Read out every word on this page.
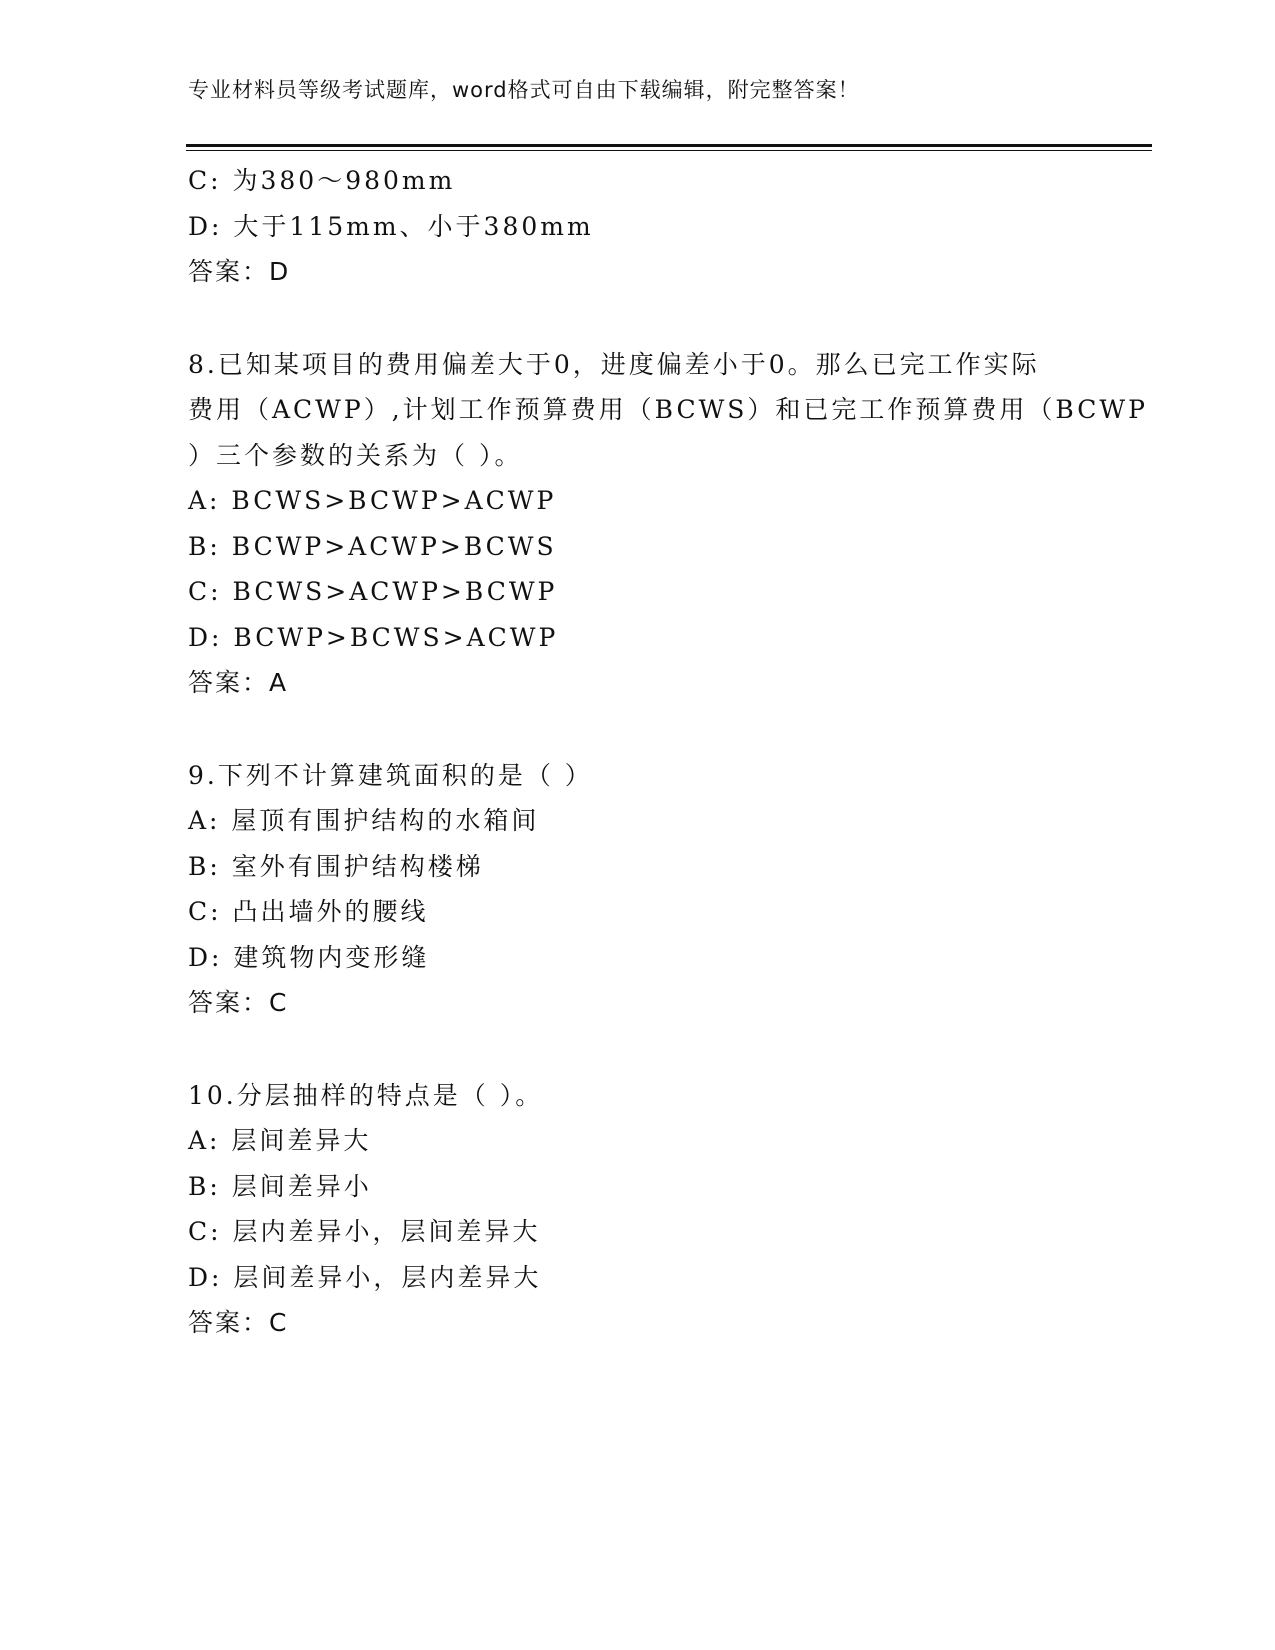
专业材料员等级考试题库，word格式可自由下载编辑，附完整答案！
C: 为380～980mm
D: 大于115mm、小于380mm
答案：D
8.已知某项目的费用偏差大于0，进度偏差小于0。那么已完工作实际
费用（ACWP）,计划工作预算费用（BCWS）和已完工作预算费用（BCWP
）三个参数的关系为（ ）。
A: BCWS>BCWP>ACWP
B: BCWP>ACWP>BCWS
C: BCWS>ACWP>BCWP
D: BCWP>BCWS>ACWP
答案：A
9.下列不计算建筑面积的是（ ）
A: 屋顶有围护结构的水箱间
B: 室外有围护结构楼梯
C: 凸出墙外的腰线
D: 建筑物内变形缝
答案：C
10.分层抽样的特点是（ ）。
A: 层间差异大
B: 层间差异小
C: 层内差异小，层间差异大
D: 层间差异小，层内差异大
答案：C
